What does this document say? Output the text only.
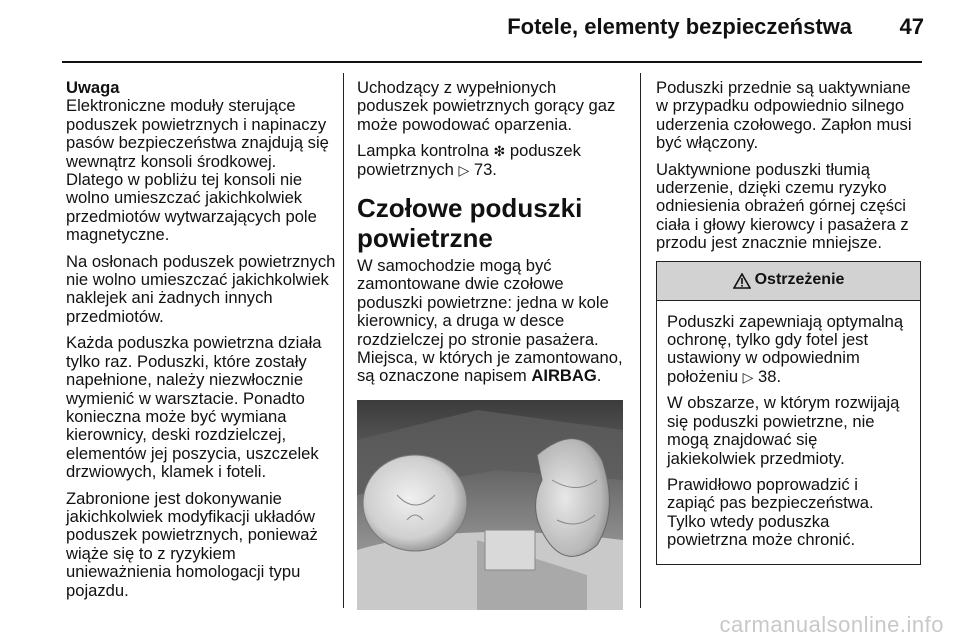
Fotele, elementy bezpieczeństwa 47
Uwaga

Elektroniczne moduły sterujące poduszek powietrznych i napinaczy pasów bezpieczeństwa znajdują się wewnątrz konsoli środkowej. Dlatego w pobliżu tej konsoli nie wolno umieszczać jakichkolwiek przedmiotów wytwarzających pole magnetyczne.

Na osłonach poduszek powietrznych nie wolno umieszczać jakichkolwiek naklejek ani żadnych innych przedmiotów.

Każda poduszka powietrzna działa tylko raz. Poduszki, które zostały napełnione, należy niezwłocznie wymienić w warsztacie. Ponadto konieczna może być wymiana kierownicy, deski rozdzielczej, elementów jej poszycia, uszczelek drzwiowych, klamek i foteli.

Zabronione jest dokonywanie jakichkolwiek modyfikacji układów poduszek powietrznych, ponieważ wiąże się to z ryzykiem unieważnienia homologacji typu pojazdu.

Uchodzący z wypełnionych poduszek powietrznych gorący gaz może powodować oparzenia.

Lampka kontrolna ❇ poduszek powietrznych ▷ 73.

Czołowe poduszki powietrzne

W samochodzie mogą być zamontowane dwie czołowe poduszki powietrzne: jedna w kole kierownicy, a druga w desce rozdzielczej po stronie pasażera. Miejsca, w których je zamontowano, są oznaczone napisem AIRBAG.

Poduszki przednie są uaktywniane w przypadku odpowiednio silnego uderzenia czołowego. Zapłon musi być włączony.

Uaktywnione poduszki tłumią uderzenie, dzięki czemu ryzyko odniesienia obrażeń górnej części ciała i głowy kierowcy i pasażera z przodu jest znacznie mniejsze.

Ostrzeżenie

Poduszki zapewniają optymalną ochronę, tylko gdy fotel jest ustawiony w odpowiednim położeniu ▷ 38.

W obszarze, w którym rozwijają się poduszki powietrzne, nie mogą znajdować się jakiekolwiek przedmioty.

Prawidłowo poprowadzić i zapiąć pas bezpieczeństwa. Tylko wtedy poduszka powietrzna może chronić.

carmanualsonline.info
